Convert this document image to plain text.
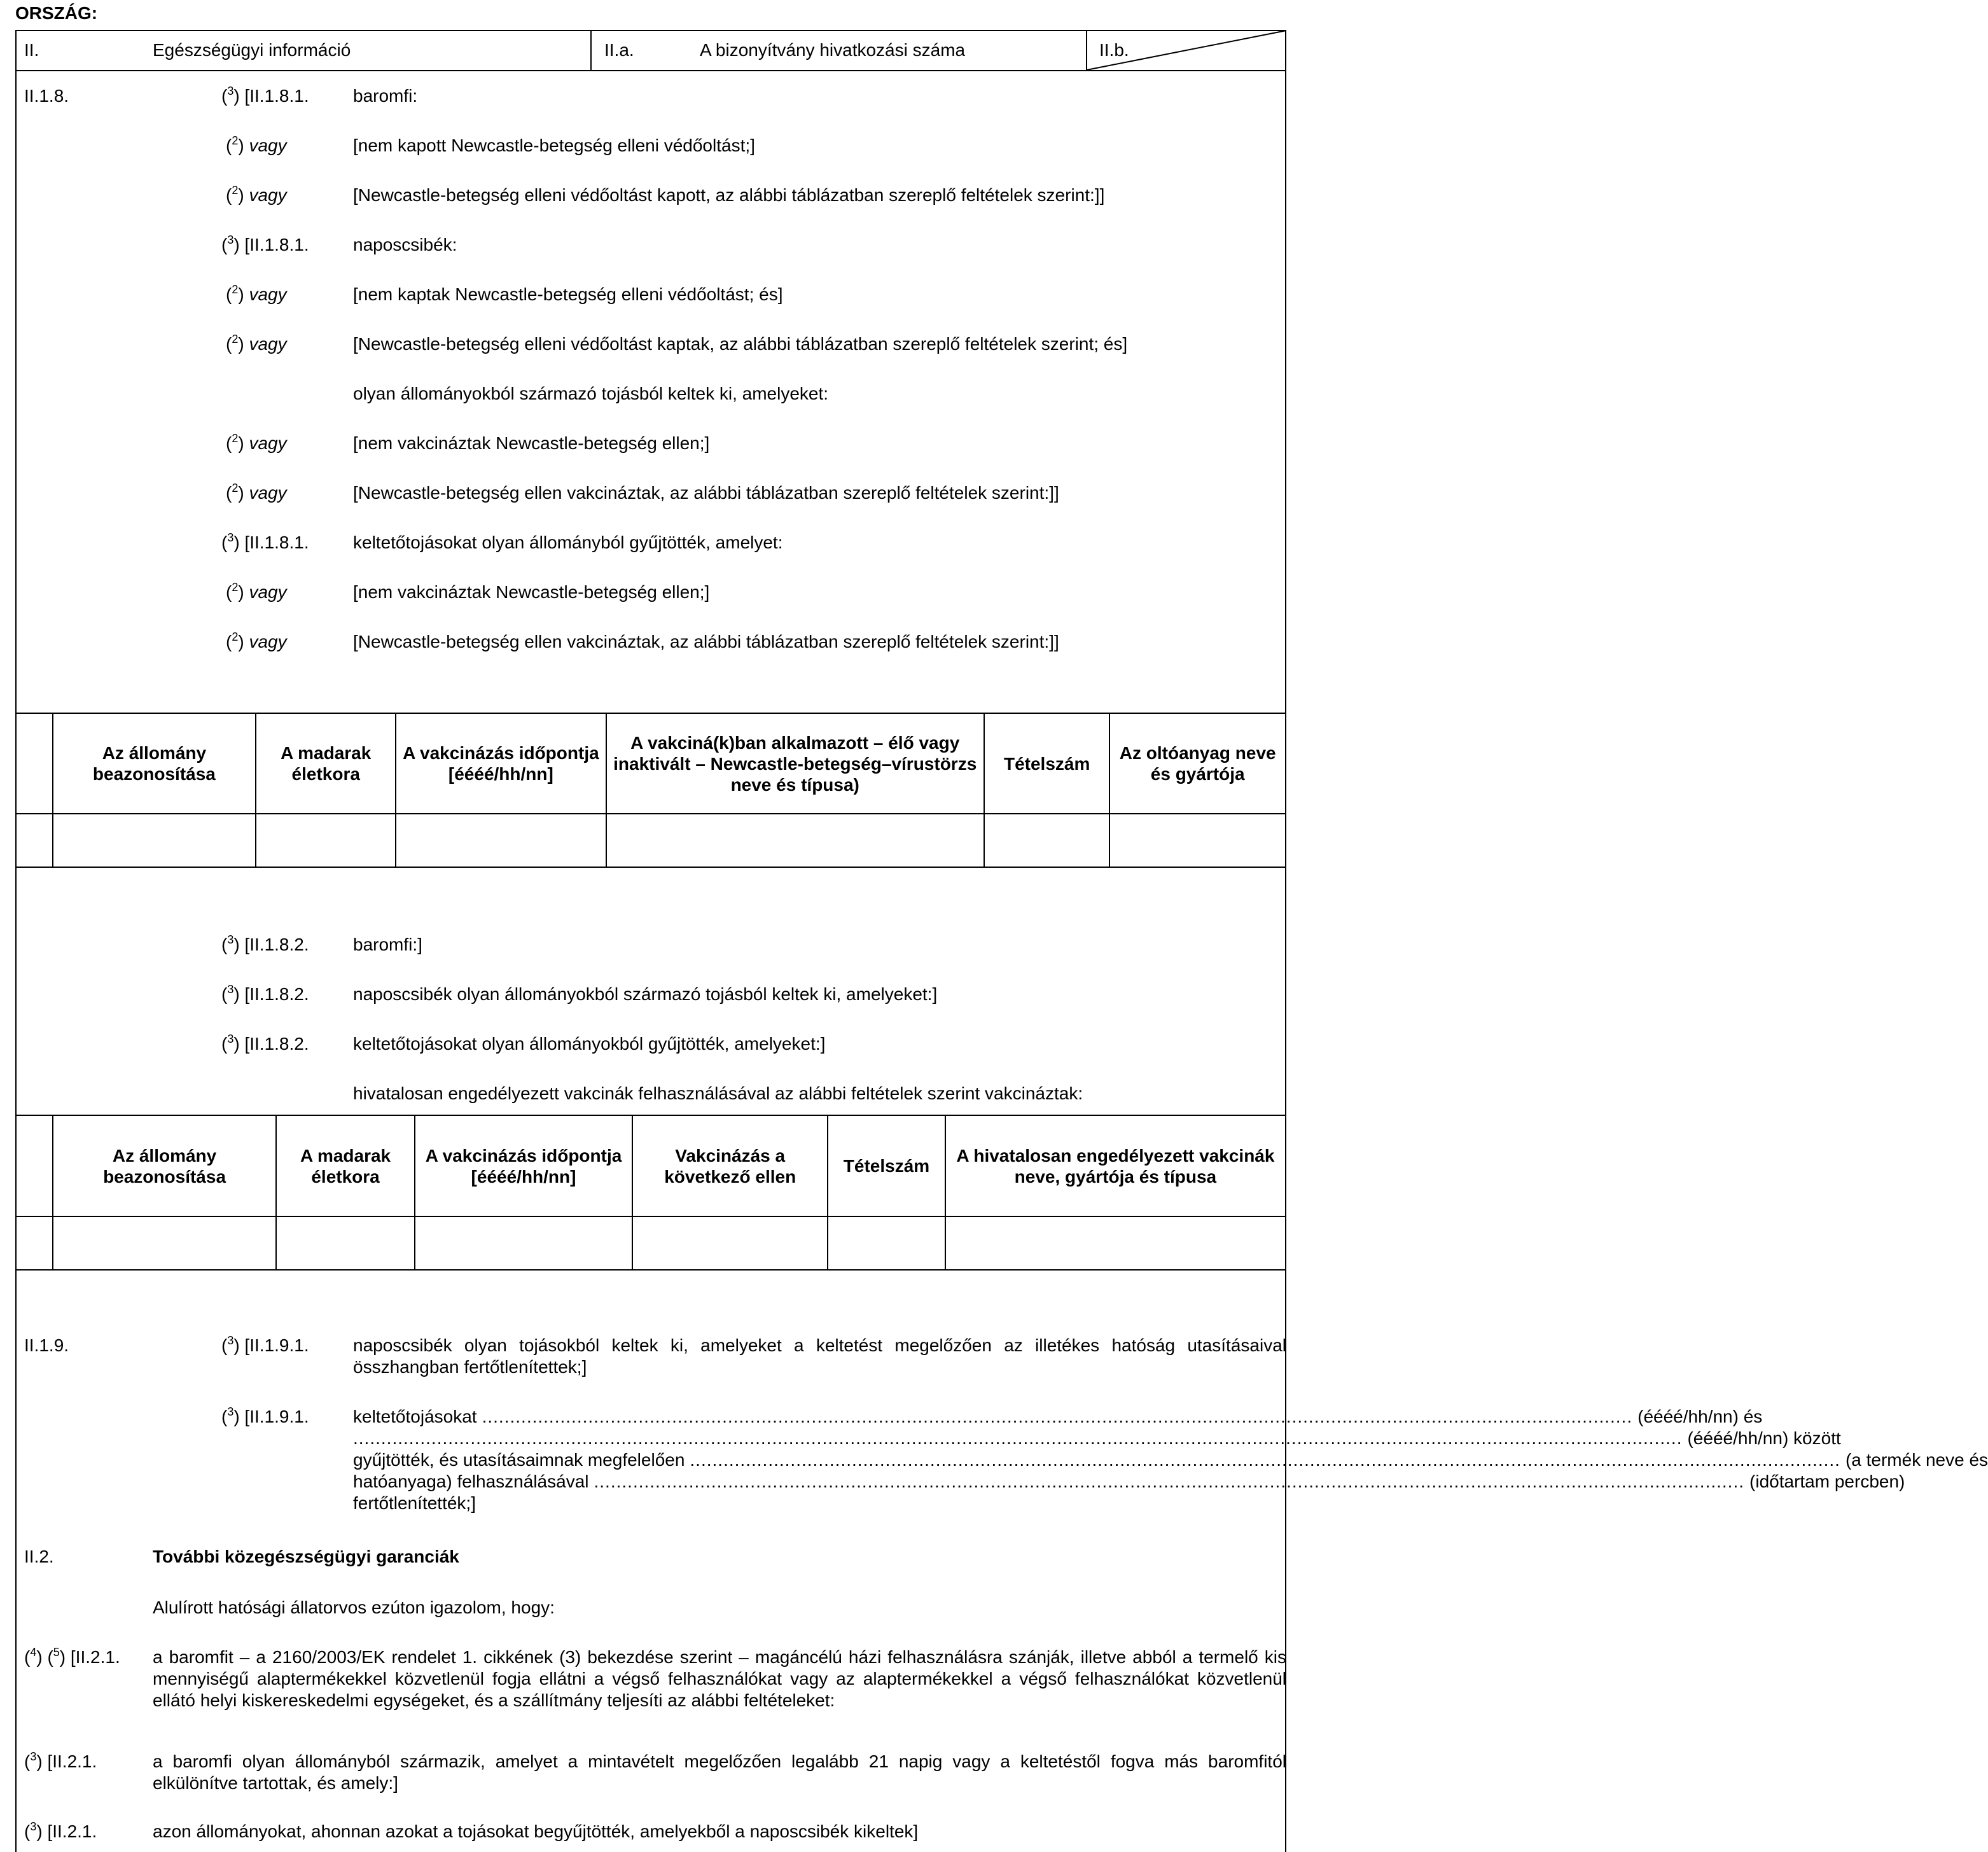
ORSZÁG:
II.	Egészségügyi információ	II.a.	A bizonyítvány hivatkozási száma	II.b.
II.1.8.	($^3$) [II.1.8.1. baromfi:
($^2$) vagy	[nem kapott Newcastle-betegség elleni védőoltást;]
($^2$) vagy	[Newcastle-betegség elleni védőoltást kapott, az alábbi táblázatban szereplő feltételek szerint:]]
($^3$) [II.1.8.1. naposcsibék:
($^2$) vagy	[nem kaptak Newcastle-betegség elleni védőoltást; és]
($^2$) vagy	[Newcastle-betegség elleni védőoltást kaptak, az alábbi táblázatban szereplő feltételek szerint; és]
olyan állományokból származó tojásból keltek ki, amelyeket:
($^2$) vagy	[nem vakcináztak Newcastle-betegség ellen;]
($^2$) vagy	[Newcastle-betegség ellen vakcináztak, az alábbi táblázatban szereplő feltételek szerint:]]
($^3$) [II.1.8.1. keltetőtojásokat olyan állományból gyűjtötték, amelyet:
($^2$) vagy	[nem vakcináztak Newcastle-betegség ellen;]
($^2$) vagy	[Newcastle-betegség ellen vakcináztak, az alábbi táblázatban szereplő feltételek szerint:]]
	Az állomány beazonosítása	A madarak életkora	A vakcinázás időpontja [éééé/hh/nn]	A vakciná(k)ban alkalmazott – élő vagy inaktivált – Newcastle-betegség–vírustörzs neve és típusa)	Tételszám	Az oltóanyag neve és gyártója

($^3$) [II.1.8.2. baromfi:]
($^3$) [II.1.8.2. naposcsibék olyan állományokból származó tojásból keltek ki, amelyeket:]
($^3$) [II.1.8.2. keltetőtojásokat olyan állományokból gyűjtötték, amelyeket:]
hivatalosan engedélyezett vakcinák felhasználásával az alábbi feltételek szerint vakcináztak:
	Az állomány beazonosítása	A madarak életkora	A vakcinázás időpontja [éééé/hh/nn]	Vakcinázás a következő ellen	Tételszám	A hivatalosan engedélyezett vakcinák neve, gyártója és típusa

II.1.9.	($^3$) [II.1.9.1. naposcsibék olyan tojásokból keltek ki, amelyeket a keltetést megelőzően az illetékes hatóság utasításaival összhangban fertőtlenítettek;]
($^3$) [II.1.9.1. keltetőtojásokat .............................................................................................................................................................................................................. (éééé/hh/nn) és
.............................................................................................................................................................................................................................................. (éééé/hh/nn) között
gyűjtötték, és utasításaimnak megfelelően .............................................................................................................................................................................................................. (a termék neve és
hatóanyaga) felhasználásával .............................................................................................................................................................................................................. (időtartam percben)
fertőtlenítették;]
II.2.	További közegészségügyi garanciák
Alulírott hatósági állatorvos ezúton igazolom, hogy:
($^4$) ($^5$) [II.2.1. a baromfit – a 2160/2003/EK rendelet 1. cikkének (3) bekezdése szerint – magáncélú házi felhasználásra szánják, illetve abból a termelő kis mennyiségű alaptermékekkel közvetlenül fogja ellátni a végső felhasználókat vagy az alaptermékekkel a végső felhasználókat közvetlenül ellátó helyi kiskereskedelmi egységeket, és a szállítmány teljesíti az alábbi feltételeket:
($^3$) [II.2.1.	a baromfi olyan állományból származik, amelyet a mintavételt megelőzően legalább 21 napig vagy a keltetéstől fogva más baromfitól elkülönítve tartottak, és amely:]
($^3$) [II.2.1.	azon állományokat, ahonnan azokat a tojásokat begyűjtötték, amelyekből a naposcsibék kikeltek]
